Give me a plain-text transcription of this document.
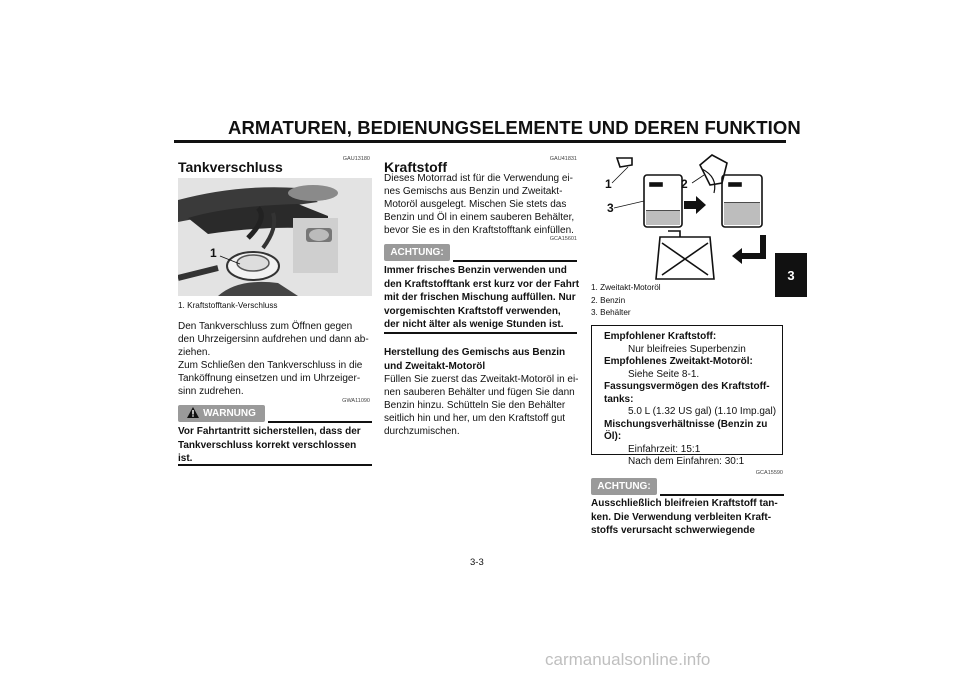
ARMATUREN, BEDIENUNGSELEMENTE UND DEREN FUNKTION
3
GAU13180
Tankverschluss
1
1. Kraftstofftank-Verschluss
Den Tankverschluss zum Öffnen gegen
den Uhrzeigersinn aufdrehen und dann ab-
ziehen.
Zum Schließen den Tankverschluss in die
Tanköffnung einsetzen und im Uhrzeiger-
sinn zudrehen.
WARNUNG
GWA11090
Vor Fahrtantritt sicherstellen, dass der
Tankverschluss korrekt verschlossen
ist.
GAU41831
Kraftstoff
Dieses Motorrad ist für die Verwendung ei-
nes Gemischs aus Benzin und Zweitakt-
Motoröl ausgelegt. Mischen Sie stets das
Benzin und Öl in einem sauberen Behälter,
bevor Sie es in den Kraftstofftank einfüllen.
GCA15601
ACHTUNG:
Immer frisches Benzin verwenden und
den Kraftstofftank erst kurz vor der Fahrt
mit der frischen Mischung auffüllen. Nur
vorgemischten Kraftstoff verwenden,
der nicht älter als wenige Stunden ist.
Herstellung des Gemischs aus Benzin
und Zweitakt-Motoröl
Füllen Sie zuerst das Zweitakt-Motoröl in ei-
nen sauberen Behälter und fügen Sie dann
Benzin hinzu. Schütteln Sie den Behälter
seitlich hin und her, um den Kraftstoff gut
durchzumischen.
1	2
3
1. Zweitakt-Motoröl
2. Benzin
3. Behälter
Empfohlener Kraftstoff:
Nur bleifreies Superbenzin
Empfohlenes Zweitakt-Motoröl:
Siehe Seite 8-1.
Fassungsvermögen des Kraftstoff-
tanks:
5.0 L (1.32 US gal) (1.10 Imp.gal)
Mischungsverhältnisse (Benzin zu
Öl):
Einfahrzeit: 15:1
Nach dem Einfahren: 30:1
GCA15590
ACHTUNG:
Ausschließlich bleifreien Kraftstoff tan-
ken. Die Verwendung verbleiten Kraft-
stoffs verursacht schwerwiegende
3-3
carmanualsonline.info
